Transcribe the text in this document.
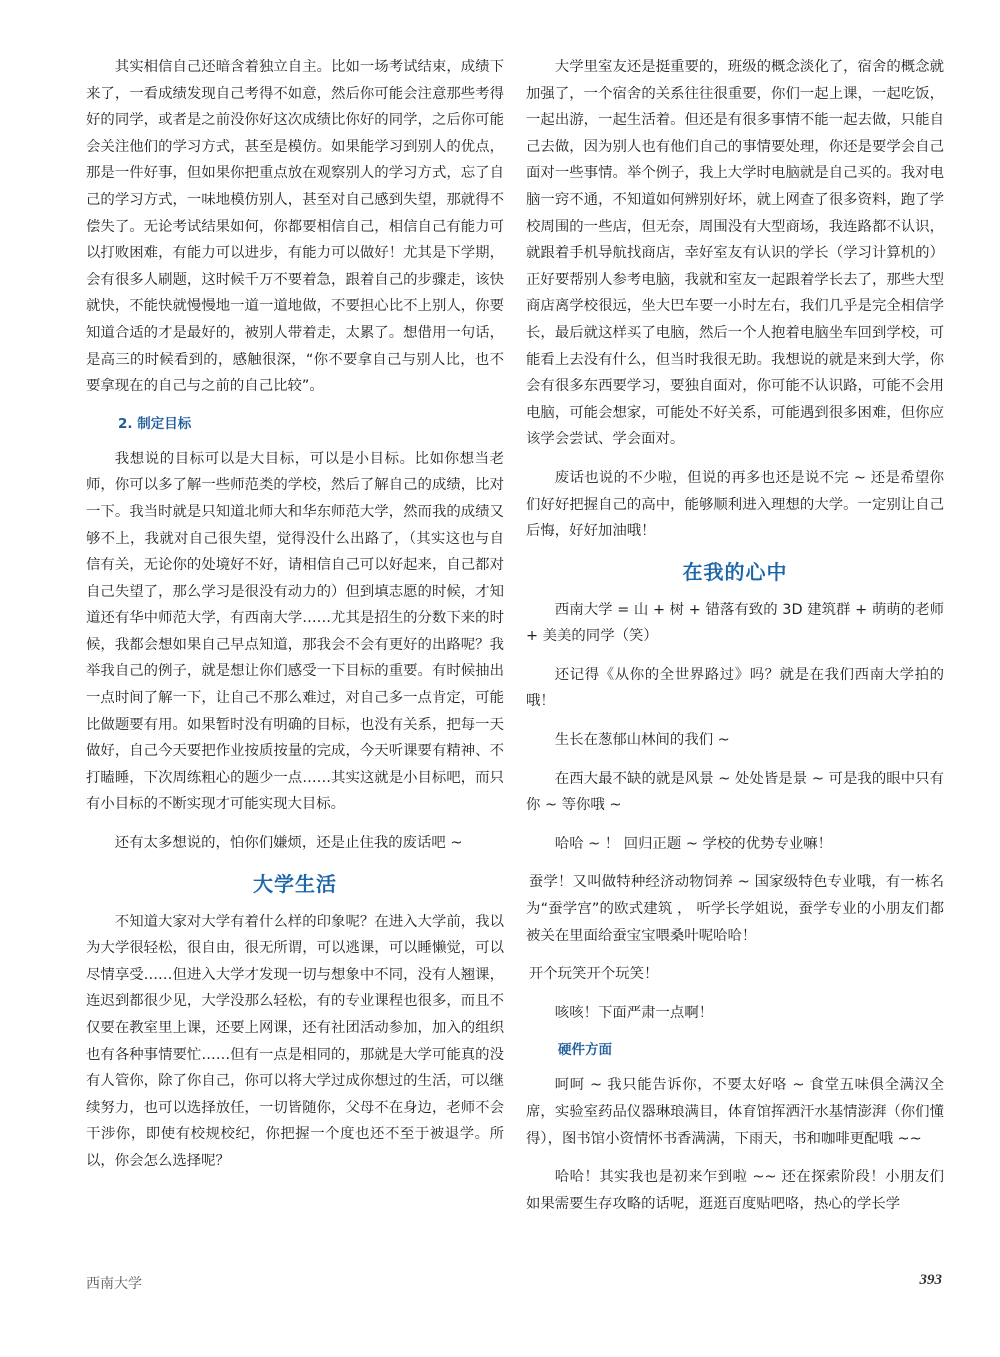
其实相信自己还暗含着独立自主。比如一场考试结束，成绩下来了，一看成绩发现自己考得不如意，然后你可能会注意那些考得好的同学，或者是之前没你好这次成绩比你好的同学，之后你可能会关注他们的学习方式，甚至是模仿。如果能学习到别人的优点，那是一件好事，但如果你把重点放在观察别人的学习方式，忘了自己的学习方式，一味地模仿别人，甚至对自己感到失望，那就得不偿失了。无论考试结果如何，你都要相信自己，相信自己有能力可以打败困难，有能力可以进步，有能力可以做好！尤其是下学期，会有很多人刷题，这时候千万不要着急，跟着自己的步骤走，该快就快，不能快就慢慢地一道一道地做，不要担心比不上别人，你要知道合适的才是最好的，被别人带着走，太累了。想借用一句话，是高三的时候看到的，感触很深，“你不要拿自己与别人比，也不要拿现在的自己与之前的自己比较”。

2. 制定目标

我想说的目标可以是大目标，可以是小目标。比如你想当老师，你可以多了解一些师范类的学校，然后了解自己的成绩，比对一下。我当时就是只知道北师大和华东师范大学，然而我的成绩又够不上，我就对自己很失望，觉得没什么出路了，（其实这也与自信有关，无论你的处境好不好，请相信自己可以好起来，自己都对自己失望了，那么学习是很没有动力的）但到填志愿的时候，才知道还有华中师范大学，有西南大学……尤其是招生的分数下来的时候，我都会想如果自己早点知道，那我会不会有更好的出路呢？我举我自己的例子，就是想让你们感受一下目标的重要。有时候抽出一点时间了解一下，让自己不那么难过，对自己多一点肯定，可能比做题要有用。如果暂时没有明确的目标，也没有关系，把每一天做好，自己今天要把作业按质按量的完成，今天听课要有精神、不打瞌睡，下次周练粗心的题少一点……其实这就是小目标吧，而只有小目标的不断实现才可能实现大目标。

还有太多想说的，怕你们嫌烦，还是止住我的废话吧 ~

大学生活

不知道大家对大学有着什么样的印象呢？在进入大学前，我以为大学很轻松，很自由，很无所谓，可以逃课，可以睡懒觉，可以尽情享受……但进入大学才发现一切与想象中不同，没有人翘课，连迟到都很少见，大学没那么轻松，有的专业课程也很多，而且不仅要在教室里上课，还要上网课，还有社团活动参加，加入的组织也有各种事情要忙……但有一点是相同的，那就是大学可能真的没有人管你，除了你自己，你可以将大学过成你想过的生活，可以继续努力，也可以选择放任，一切皆随你，父母不在身边，老师不会干涉你，即使有校规校纪，你把握一个度也还不至于被退学。所以，你会怎么选择呢？

大学里室友还是挺重要的，班级的概念淡化了，宿舍的概念就加强了，一个宿舍的关系往往很重要，你们一起上课，一起吃饭，一起出游，一起生活着。但还是有很多事情不能一起去做，只能自己去做，因为别人也有他们自己的事情要处理，你还是要学会自己面对一些事情。举个例子，我上大学时电脑就是自己买的。我对电脑一窍不通，不知道如何辨别好坏，就上网查了很多资料，跑了学校周围的一些店，但无奈，周围没有大型商场，我连路都不认识，就跟着手机导航找商店，幸好室友有认识的学长（学习计算机的）正好要帮别人参考电脑，我就和室友一起跟着学长去了，那些大型商店离学校很远，坐大巴车要一小时左右，我们几乎是完全相信学长，最后就这样买了电脑，然后一个人抱着电脑坐车回到学校，可能看上去没有什么，但当时我很无助。我想说的就是来到大学，你会有很多东西要学习，要独自面对，你可能不认识路，可能不会用电脑，可能会想家，可能处不好关系，可能遇到很多困难，但你应该学会尝试、学会面对。

废话也说的不少啦，但说的再多也还是说不完 ~ 还是希望你们好好把握自己的高中，能够顺利进入理想的大学。一定别让自己后悔，好好加油哦！

在我的心中

西南大学 = 山 + 树 + 错落有致的 3D 建筑群 + 萌萌的老师 + 美美的同学（笑）

还记得《从你的全世界路过》吗？就是在我们西南大学拍的哦！

生长在葱郁山林间的我们 ~

在西大最不缺的就是风景 ~ 处处皆是景 ~ 可是我的眼中只有你 ~ 等你哦 ~

哈哈 ~ ！ 回归正题 ~ 学校的优势专业嘛！

蚕学！又叫做特种经济动物饲养 ~ 国家级特色专业哦，有一栋名为“蚕学宫”的欧式建筑 ， 听学长学姐说，蚕学专业的小朋友们都被关在里面给蚕宝宝喂桑叶呢哈哈！

开个玩笑开个玩笑！

咳咳！下面严肃一点啊！

硬件方面

呵呵 ~ 我只能告诉你，不要太好咯 ~ 食堂五味俱全满汉全席，实验室药品仪器琳琅满目，体育馆挥洒汗水基情澎湃（你们懂得），图书馆小资情怀书香满满，下雨天，书和咖啡更配哦 ~~

哈哈！其实我也是初来乍到啦 ~~ 还在探索阶段！小朋友们如果需要生存攻略的话呢，逛逛百度贴吧咯，热心的学长学

西南大学	393
